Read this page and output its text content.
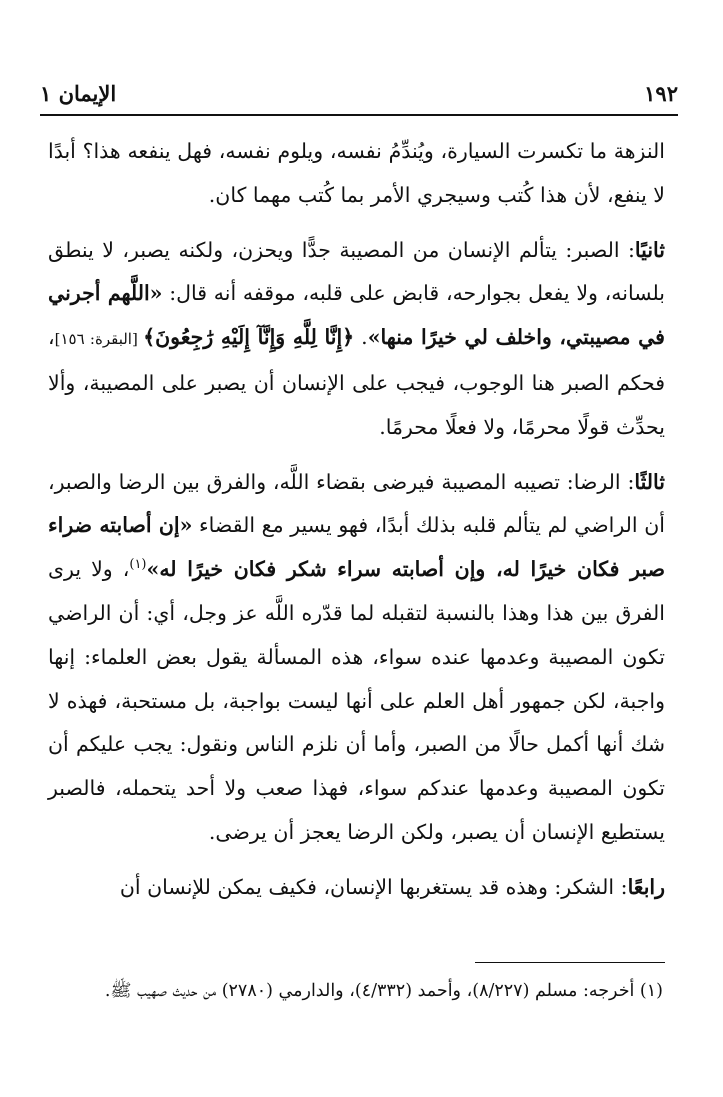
١٩٢
الإيمان ١

النزهة ما تكسرت السيارة، ويُندِّمُ نفسه، ويلوم نفسه، فهل ينفعه هذا؟ أبدًا لا ينفع، لأن هذا كُتب وسيجري الأمر بما كُتب مهما كان.

ثانيًا: الصبر: يتألم الإنسان من المصيبة جدًّا ويحزن، ولكنه يصبر، لا ينطق بلسانه، ولا يفعل بجوارحه، قابض على قلبه، موقفه أنه قال: «اللَّهم أجرني في مصيبتي، واخلف لي خيرًا منها». ﴿إِنَّا لِلَّهِ وَإِنَّآ إِلَيْهِ رَٰجِعُونَ﴾ [البقرة: ١٥٦]، فحكم الصبر هنا الوجوب، فيجب على الإنسان أن يصبر على المصيبة، وألا يحدِّث قولًا محرمًا، ولا فعلًا محرمًا.

ثالثًا: الرضا: تصيبه المصيبة فيرضى بقضاء اللَّه، والفرق بين الرضا والصبر، أن الراضي لم يتألم قلبه بذلك أبدًا، فهو يسير مع القضاء «إن أصابته ضراء صبر فكان خيرًا له، وإن أصابته سراء شكر فكان خيرًا له»$^{(١)}$، ولا يرى الفرق بين هذا وهذا بالنسبة لتقبله لما قدّره اللَّه عز وجل، أي: أن الراضي تكون المصيبة وعدمها عنده سواء، هذه المسألة يقول بعض العلماء: إنها واجبة، لكن جمهور أهل العلم على أنها ليست بواجبة، بل مستحبة، فهذه لا شك أنها أكمل حالًا من الصبر، وأما أن نلزم الناس ونقول: يجب عليكم أن تكون المصيبة وعدمها عندكم سواء، فهذا صعب ولا أحد يتحمله، فالصبر يستطيع الإنسان أن يصبر، ولكن الرضا يعجز أن يرضى.

رابعًا: الشكر: وهذه قد يستغربها الإنسان، فكيف يمكن للإنسان أن

(١) أخرجه: مسلم (٨/٢٢٧)، وأحمد (٤/٣٣٢)، والدارمي (٢٧٨٠) من حديث صهيب ﷺ.
